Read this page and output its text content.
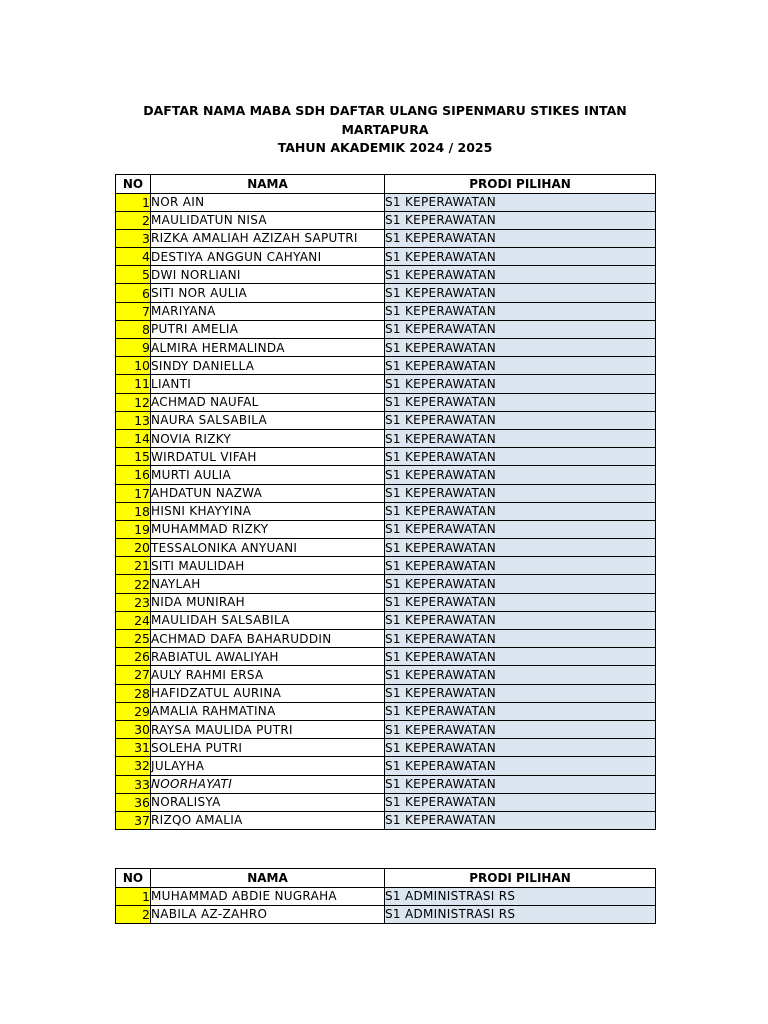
DAFTAR NAMA MABA SDH DAFTAR ULANG SIPENMARU STIKES INTAN
MARTAPURA
TAHUN AKADEMIK 2024 / 2025
NO	NAMA	PRODI PILIHAN
1	NOR AIN	S1 KEPERAWATAN
2	MAULIDATUN NISA	S1 KEPERAWATAN
3	RIZKA AMALIAH AZIZAH SAPUTRI	S1 KEPERAWATAN
4	DESTIYA ANGGUN CAHYANI	S1 KEPERAWATAN
5	DWI NORLIANI	S1 KEPERAWATAN
6	SITI NOR AULIA	S1 KEPERAWATAN
7	MARIYANA	S1 KEPERAWATAN
8	PUTRI AMELIA	S1 KEPERAWATAN
9	ALMIRA HERMALINDA	S1 KEPERAWATAN
10	SINDY DANIELLA	S1 KEPERAWATAN
11	LIANTI	S1 KEPERAWATAN
12	ACHMAD NAUFAL	S1 KEPERAWATAN
13	NAURA SALSABILA	S1 KEPERAWATAN
14	NOVIA RIZKY	S1 KEPERAWATAN
15	WIRDATUL VIFAH	S1 KEPERAWATAN
16	MURTI AULIA	S1 KEPERAWATAN
17	AHDATUN NAZWA	S1 KEPERAWATAN
18	HISNI KHAYYINA	S1 KEPERAWATAN
19	MUHAMMAD RIZKY	S1 KEPERAWATAN
20	TESSALONIKA ANYUANI	S1 KEPERAWATAN
21	SITI MAULIDAH	S1 KEPERAWATAN
22	NAYLAH	S1 KEPERAWATAN
23	NIDA MUNIRAH	S1 KEPERAWATAN
24	MAULIDAH SALSABILA	S1 KEPERAWATAN
25	ACHMAD DAFA BAHARUDDIN	S1 KEPERAWATAN
26	RABIATUL AWALIYAH	S1 KEPERAWATAN
27	AULY RAHMI ERSA	S1 KEPERAWATAN
28	HAFIDZATUL AURINA	S1 KEPERAWATAN
29	AMALIA RAHMATINA	S1 KEPERAWATAN
30	RAYSA MAULIDA PUTRI	S1 KEPERAWATAN
31	SOLEHA PUTRI	S1 KEPERAWATAN
32	JULAYHA	S1 KEPERAWATAN
33	NOORHAYATI	S1 KEPERAWATAN
36	NORALISYA	S1 KEPERAWATAN
37	RIZQO AMALIA	S1 KEPERAWATAN
NO	NAMA	PRODI PILIHAN
1	MUHAMMAD ABDIE NUGRAHA	S1 ADMINISTRASI RS
2	NABILA AZ-ZAHRO	S1 ADMINISTRASI RS
